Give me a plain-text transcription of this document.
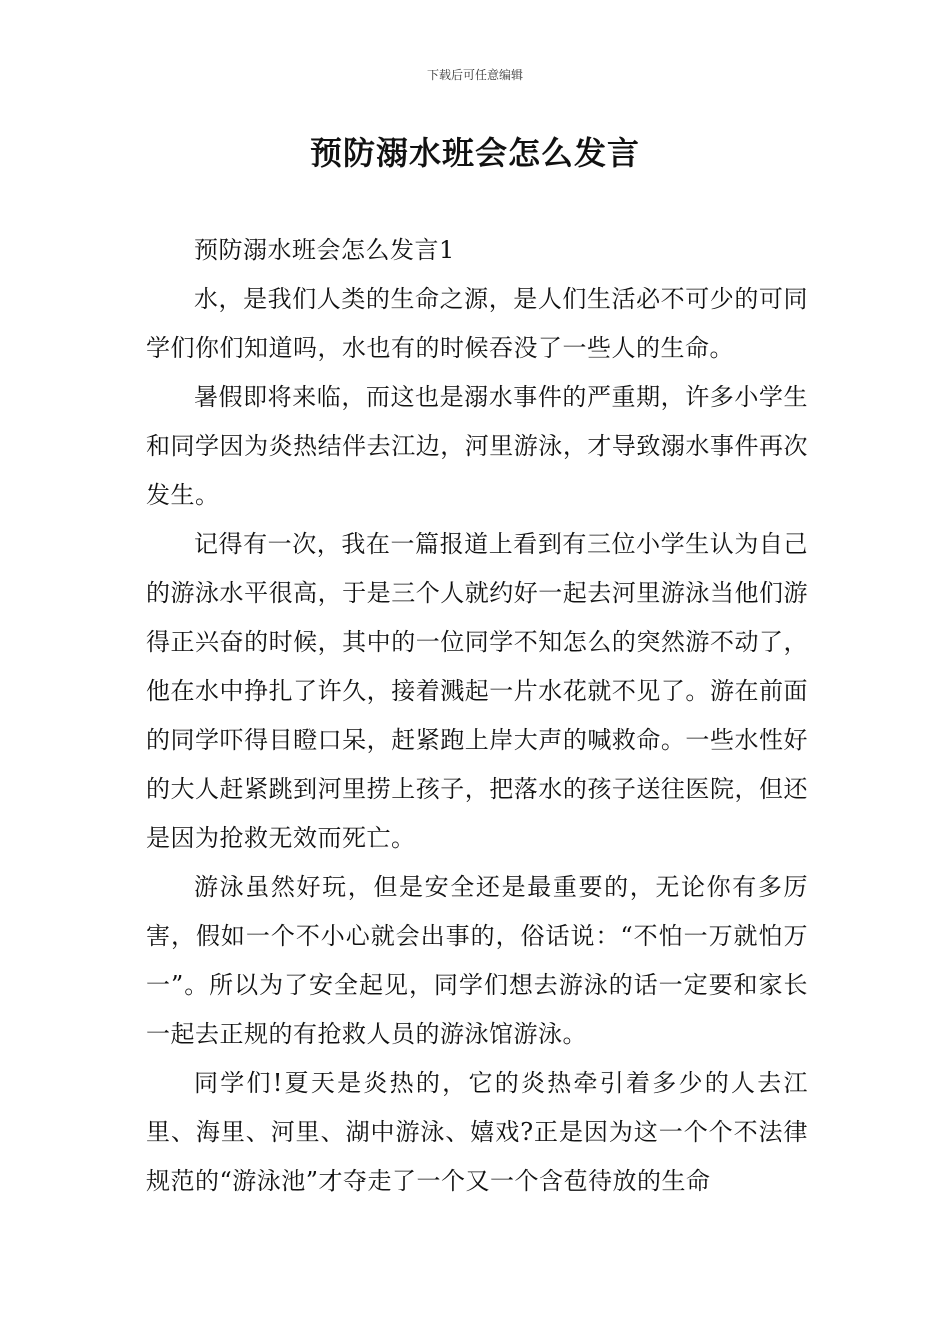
下载后可任意编辑
预防溺水班会怎么发言

预防溺水班会怎么发言1

水，是我们人类的生命之源，是人们生活必不可少的可同学们你们知道吗，水也有的时候吞没了一些人的生命。

暑假即将来临，而这也是溺水事件的严重期，许多小学生和同学因为炎热结伴去江边，河里游泳，才导致溺水事件再次发生。

记得有一次，我在一篇报道上看到有三位小学生认为自己的游泳水平很高，于是三个人就约好一起去河里游泳当他们游得正兴奋的时候，其中的一位同学不知怎么的突然游不动了，他在水中挣扎了许久，接着溅起一片水花就不见了。游在前面的同学吓得目瞪口呆，赶紧跑上岸大声的喊救命。一些水性好的大人赶紧跳到河里捞上孩子，把落水的孩子送往医院，但还是因为抢救无效而死亡。

游泳虽然好玩，但是安全还是最重要的，无论你有多厉害，假如一个不小心就会出事的，俗话说：“不怕一万就怕万一”。所以为了安全起见，同学们想去游泳的话一定要和家长一起去正规的有抢救人员的游泳馆游泳。

同学们!夏天是炎热的，它的炎热牵引着多少的人去江里、海里、河里、湖中游泳、嬉戏?正是因为这一个个不法律规范的“游泳池”才夺走了一个又一个含苞待放的生命
